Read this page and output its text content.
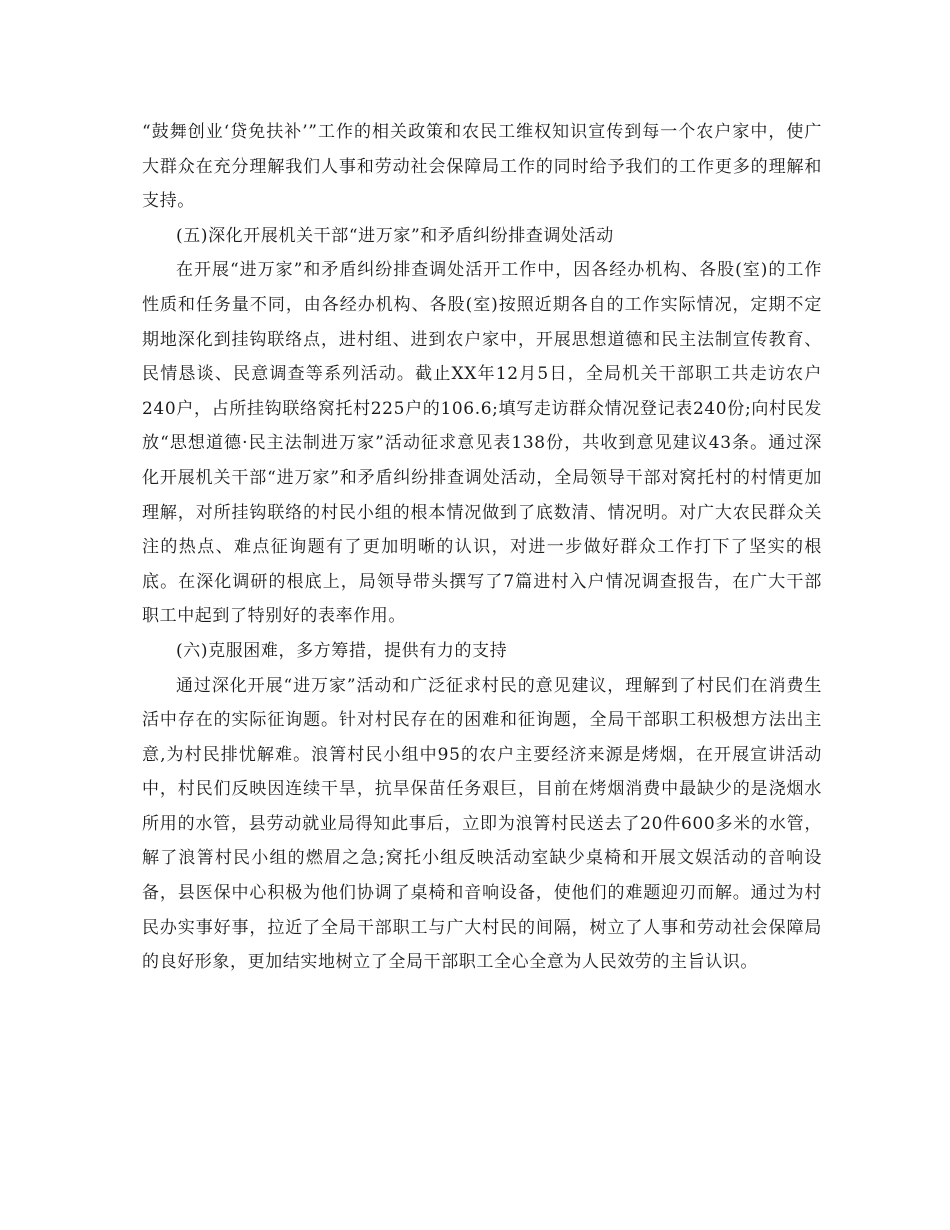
“鼓舞创业‘贷免扶补’”工作的相关政策和农民工维权知识宣传到每一个农户家中，使广大群众在充分理解我们人事和劳动社会保障局工作的同时给予我们的工作更多的理解和支持。

(五)深化开展机关干部“进万家”和矛盾纠纷排查调处活动

在开展“进万家”和矛盾纠纷排查调处活开工作中，因各经办机构、各股(室)的工作性质和任务量不同，由各经办机构、各股(室)按照近期各自的工作实际情况，定期不定期地深化到挂钩联络点，进村组、进到农户家中，开展思想道德和民主法制宣传教育、民情恳谈、民意调查等系列活动。截止XX年12月5日，全局机关干部职工共走访农户240户，占所挂钩联络窝托村225户的106.6;填写走访群众情况登记表240份;向村民发放“思想道德·民主法制进万家”活动征求意见表138份，共收到意见建议43条。通过深化开展机关干部“进万家”和矛盾纠纷排查调处活动，全局领导干部对窝托村的村情更加理解，对所挂钩联络的村民小组的根本情况做到了底数清、情况明。对广大农民群众关注的热点、难点征询题有了更加明晰的认识，对进一步做好群众工作打下了坚实的根底。在深化调研的根底上，局领导带头撰写了7篇进村入户情况调查报告，在广大干部职工中起到了特别好的表率作用。

(六)克服困难，多方筹措，提供有力的支持

通过深化开展“进万家”活动和广泛征求村民的意见建议，理解到了村民们在消费生活中存在的实际征询题。针对村民存在的困难和征询题，全局干部职工积极想方法出主意,为村民排忧解难。浪箐村民小组中95的农户主要经济来源是烤烟，在开展宣讲活动中，村民们反映因连续干旱，抗旱保苗任务艰巨，目前在烤烟消费中最缺少的是浇烟水所用的水管，县劳动就业局得知此事后，立即为浪箐村民送去了20件600多米的水管，解了浪箐村民小组的燃眉之急;窝托小组反映活动室缺少桌椅和开展文娱活动的音响设备，县医保中心积极为他们协调了桌椅和音响设备，使他们的难题迎刃而解。通过为村民办实事好事，拉近了全局干部职工与广大村民的间隔，树立了人事和劳动社会保障局的良好形象，更加结实地树立了全局干部职工全心全意为人民效劳的主旨认识。
